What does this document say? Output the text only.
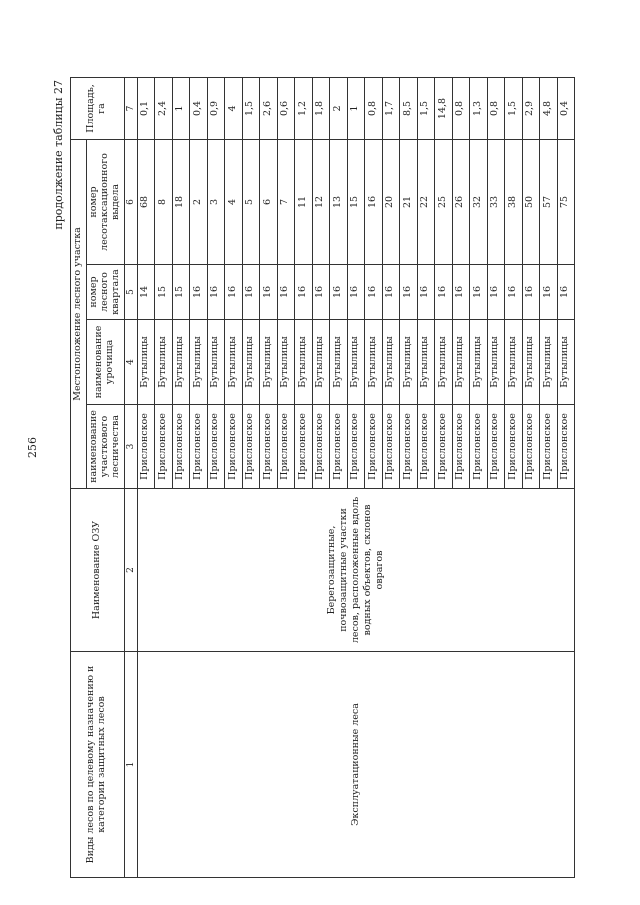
256
продолжение таблицы 27
Виды лесов по целевому назначению и категории защитных лесов	Наименование ОЗУ	Местоположение лесного участка				Площадь, га
		наименование участкового лесничества	наименование урочища	номер лесного квартала	номер лесотаксационного выдела	
1	2	3	4	5	6	7
Эксплуатационные леса	Берегозащитные, почвозащитные участки лесов, расположенные вдоль водных объектов, склонов оврагов	Прислонское	Бутылицы	14	68	0,1
		Прислонское	Бутылицы	15	8	2,4
		Прислонское	Бутылицы	15	18	1
		Прислонское	Бутылицы	16	2	0,4
		Прислонское	Бутылицы	16	3	0,9
		Прислонское	Бутылицы	16	4	4
		Прислонское	Бутылицы	16	5	1,5
		Прислонское	Бутылицы	16	6	2,6
		Прислонское	Бутылицы	16	7	0,6
		Прислонское	Бутылицы	16	11	1,2
		Прислонское	Бутылицы	16	12	1,8
		Прислонское	Бутылицы	16	13	2
		Прислонское	Бутылицы	16	15	1
		Прислонское	Бутылицы	16	16	0,8
		Прислонское	Бутылицы	16	20	1,7
		Прислонское	Бутылицы	16	21	8,5
		Прислонское	Бутылицы	16	22	1,5
		Прислонское	Бутылицы	16	25	14,8
		Прислонское	Бутылицы	16	26	0,8
		Прислонское	Бутылицы	16	32	1,3
		Прислонское	Бутылицы	16	33	0,8
		Прислонское	Бутылицы	16	38	1,5
		Прислонское	Бутылицы	16	50	2,9
		Прислонское	Бутылицы	16	57	4,8
		Прислонское	Бутылицы	16	75	0,4
